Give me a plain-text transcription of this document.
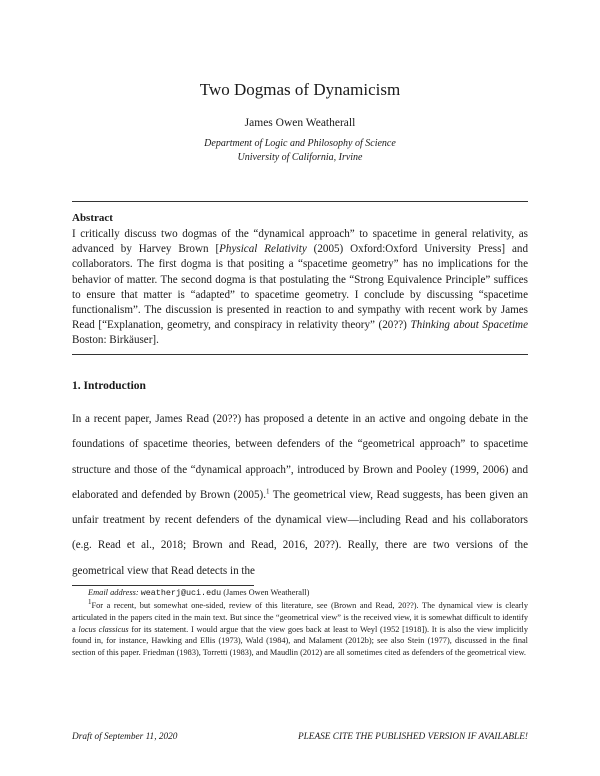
Two Dogmas of Dynamicism
James Owen Weatherall
Department of Logic and Philosophy of Science
University of California, Irvine
Abstract
I critically discuss two dogmas of the “dynamical approach” to spacetime in general relativity, as advanced by Harvey Brown [Physical Relativity (2005) Oxford:Oxford University Press] and collaborators. The first dogma is that positing a “spacetime geometry” has no implications for the behavior of matter. The second dogma is that postulating the “Strong Equivalence Principle” suffices to ensure that matter is “adapted” to spacetime geometry. I conclude by discussing “spacetime functionalism”. The discussion is presented in reaction to and sympathy with recent work by James Read [“Explanation, geometry, and conspiracy in relativity theory” (20??) Thinking about Spacetime Boston: Birkäuser].
1. Introduction
In a recent paper, James Read (20??) has proposed a detente in an active and ongoing debate in the foundations of spacetime theories, between defenders of the “geometrical approach” to spacetime structure and those of the “dynamical approach”, introduced by Brown and Pooley (1999, 2006) and elaborated and defended by Brown (2005).$^1$ The geometrical view, Read suggests, has been given an unfair treatment by recent defenders of the dynamical view—including Read and his collaborators (e.g. Read et al., 2018; Brown and Read, 2016, 20??). Really, there are two versions of the geometrical view that Read detects in the
Email address: weatherj@uci.edu (James Owen Weatherall)
$^1$For a recent, but somewhat one-sided, review of this literature, see (Brown and Read, 20??). The dynamical view is clearly articulated in the papers cited in the main text. But since the “geometrical view” is the received view, it is somewhat difficult to identify a locus classicus for its statement. I would argue that the view goes back at least to Weyl (1952 [1918]). It is also the view implicitly found in, for instance, Hawking and Ellis (1973), Wald (1984), and Malament (2012b); see also Stein (1977), discussed in the final section of this paper. Friedman (1983), Torretti (1983), and Maudlin (2012) are all sometimes cited as defenders of the geometrical view.
Draft of September 11, 2020	PLEASE CITE THE PUBLISHED VERSION IF AVAILABLE!
